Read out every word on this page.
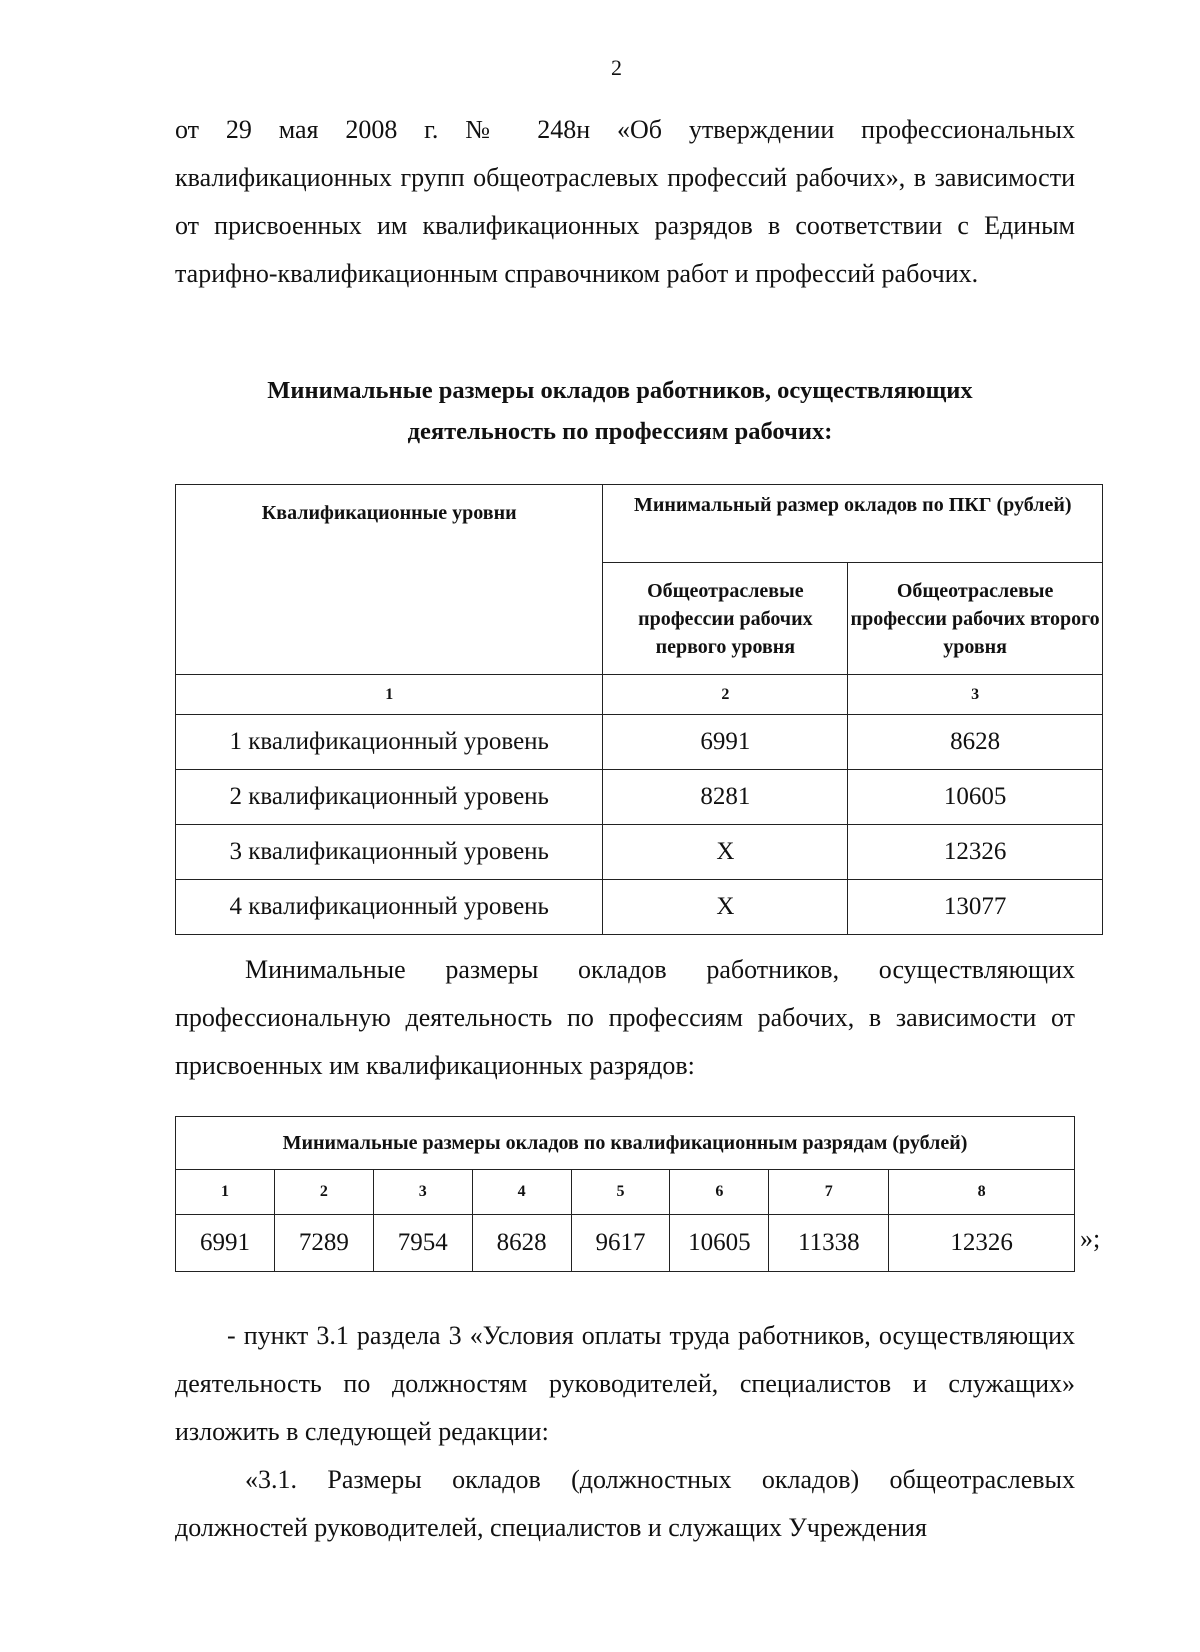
2
от 29 мая 2008 г. № 248н «Об утверждении профессиональных квалификационных групп общеотраслевых профессий рабочих», в зависимости от присвоенных им квалификационных разрядов в соответствии с Единым тарифно-квалификационным справочником работ и профессий рабочих.
Минимальные размеры окладов работников, осуществляющих
деятельность по профессиям рабочих:
Квалификационные уровни	Минимальный размер окладов по ПКГ (рублей)	
	Общеотраслевые профессии рабочих первого уровня	Общеотраслевые профессии рабочих второго уровня
1	2	3
1 квалификационный уровень	6991	8628
2 квалификационный уровень	8281	10605
3 квалификационный уровень	Х	12326
4 квалификационный уровень	Х	13077
Минимальные размеры окладов работников, осуществляющих профессиональную деятельность по профессиям рабочих, в зависимости от присвоенных им квалификационных разрядов:
Минимальные размеры окладов по квалификационным разрядам (рублей)							
1	2	3	4	5	6	7	8
6991	7289	7954	8628	9617	10605	11338	12326	»;
- пункт 3.1 раздела 3 «Условия оплаты труда работников, осуществляющих деятельность по должностям руководителей, специалистов и служащих» изложить в следующей редакции:
«3.1. Размеры окладов (должностных окладов) общеотраслевых должностей руководителей, специалистов и служащих Учреждения
